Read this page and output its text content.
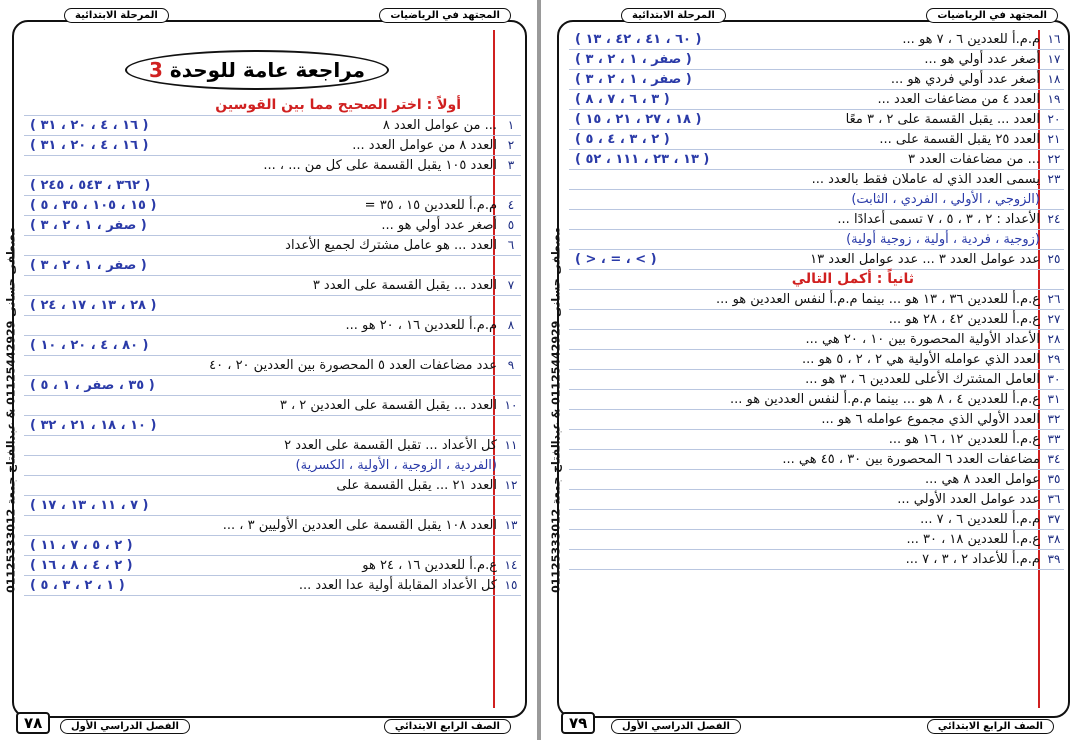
المرحلة الابتدائية	المجتهد في الرياضيات
مصطفى حسانى 01125442929 & عبدالفتاح جمعة 01125333012
مراجعة عامة للوحدة 3
أولاً : اختر الصحيح مما بين القوسين
١
... من عوامل العدد ٨
( ١٦ ، ٤ ، ٢٠ ، ٣١ )
٢
العدد ٨ من عوامل العدد ...
( ١٦ ، ٤ ، ٢٠ ، ٣١ )
٣
العدد ١٠٥ يقبل القسمة على كل من ... ، ...
( ٣٦٢ ، ٥٤٣ ، ٢٤٥ )
٤
م.م.أ للعددين ١٥ ، ٣٥ =
( ١٥ ، ١٠٥ ، ٣٥ ، ٥ )
٥
أصغر عدد أولي هو ...
( صفر ، ١ ، ٢ ، ٣ )
٦
العدد ... هو عامل مشترك لجميع الأعداد
( صفر ، ١ ، ٢ ، ٣ )
٧
العدد ... يقبل القسمة على العدد ٣
( ٢٨ ، ١٣ ، ١٧ ، ٢٤ )
٨
م.م.أ للعددين ١٦ ، ٢٠ هو ...
( ٨٠ ، ٤ ، ٢٠ ، ١٠ )
٩
عدد مضاعفات العدد ٥ المحصورة بين العددين ٢٠ ، ٤٠
( ٣٥ ، صفر ، ١ ، ٥ )
١٠
العدد ... يقبل القسمة على العددين ٢ ، ٣
( ١٠ ، ١٨ ، ٢١ ، ٣٢ )
١١
كل الأعداد ... تقبل القسمة على العدد ٢
(الفردية ، الزوجية ، الأولية ، الكسرية)
١٢
العدد ٢١ ... يقبل القسمة على
( ٧ ، ١١ ، ١٣ ، ١٧ )
١٣
العدد ١٠٨ يقبل القسمة على العددين الأوليين ٣ ، ...
( ٢ ، ٥ ، ٧ ، ١١ )
١٤
ع.م.أ للعددين ١٦ ، ٢٤ هو
( ٢ ، ٤ ، ٨ ، ١٦ )
١٥
كل الأعداد المقابلة أولية عدا العدد ...
( ١ ، ٢ ، ٣ ، ٥ )
الفصل الدراسي الأول	الصف الرابع الابتدائي
٧٨
المرحلة الابتدائية	المجتهد في الرياضيات
مصطفى حسانى 01125442929 & عبدالفتاح جمعة 01125333012
١٦
م.م.أ للعددين ٦ ، ٧ هو ...
( ٦٠ ، ٤١ ، ٤٢ ، ١٣ )
١٧
أصغر عدد أولي هو ...
( صفر ، ١ ، ٢ ، ٣ )
١٨
أصغر عدد أولي فردي هو ...
( صفر ، ١ ، ٢ ، ٣ )
١٩
العدد ٤ من مضاعفات العدد ...
( ٣ ، ٦ ، ٧ ، ٨ )
٢٠
العدد ... يقبل القسمة على ٢ ، ٣ معًا
( ١٨ ، ٢٧ ، ٢١ ، ١٥ )
٢١
العدد ٢٥ يقبل القسمة على ...
( ٢ ، ٣ ، ٤ ، ٥ )
٢٢
... من مضاعفات العدد ٣
( ١٣ ، ٢٣ ، ١١١ ، ٥٢ )
٢٣
يسمى العدد الذي له عاملان فقط بالعدد ...
(الزوجي ، الأولي ، الفردي ، الثابت)
٢٤
الأعداد : ٢ ، ٣ ، ٥ ، ٧ تسمى أعدادًا ...
(زوجية ، فردية ، أولية ، زوجية أولية)
٢٥
عدد عوامل العدد ٣ ... عدد عوامل العدد ١٣
( > ، = ، < )
ثانياً : أكمل التالي
٢٦
ع.م.أ للعددين ٣٦ ، ١٣ هو ... بينما م.م.أ لنفس العددين هو ...
٢٧
ع.م.أ للعددين ٤٢ ، ٢٨ هو ...
٢٨
الأعداد الأولية المحصورة بين ١٠ ، ٢٠ هي ...
٢٩
العدد الذي عوامله الأولية هي ٢ ، ٢ ، ٥ هو ...
٣٠
العامل المشترك الأعلى للعددين ٦ ، ٣ هو ...
٣١
ع.م.أ للعددين ٤ ، ٨ هو ... بينما م.م.أ لنفس العددين هو ...
٣٢
العدد الأولي الذي مجموع عوامله ٦ هو ...
٣٣
ع.م.أ للعددين ١٢ ، ١٦ هو ...
٣٤
مضاعفات العدد ٦ المحصورة بين ٣٠ ، ٤٥ هي ...
٣٥
عوامل العدد ٨ هي ...
٣٦
عدد عوامل العدد الأولي ...
٣٧
م.م.أ للعددين ٦ ، ٧ ...
٣٨
ع.م.أ للعددين ١٨ ، ٣٠ ...
٣٩
م.م.أ للأعداد ٢ ، ٣ ، ٧ ...
الفصل الدراسي الأول	الصف الرابع الابتدائي
٧٩
